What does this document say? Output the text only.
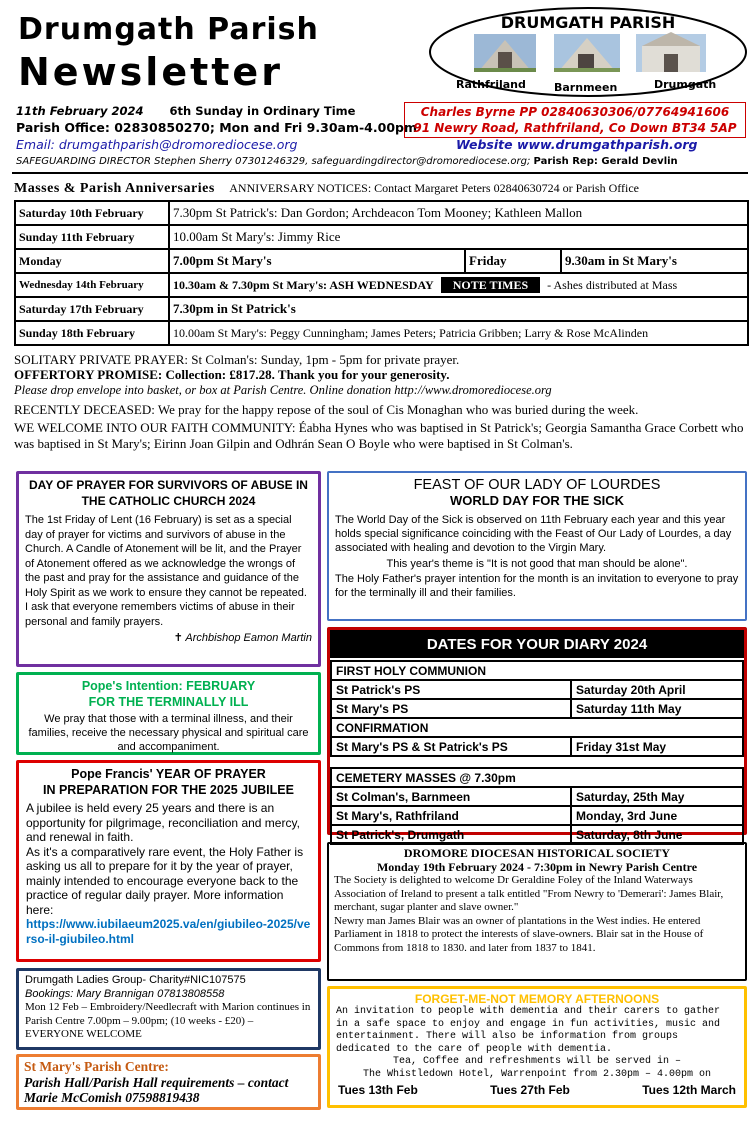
Drumgath Parish
Newsletter
DRUMGATH PARISH
Rathfriland	Barnmeen	Drumgath
11th February 2024 6th Sunday in Ordinary Time
Parish Office: 02830850270; Mon and Fri 9.30am-4.00pm
Email: drumgathparish@dromorediocese.org	Website www.drumgathparish.org
Charles Byrne PP 02840630306/07764941606
91 Newry Road, Rathfriland, Co Down BT34 5AP
SAFEGUARDING DIRECTOR Stephen Sherry 07301246329, safeguardingdirector@dromorediocese.org; Parish Rep: Gerald Devlin
Masses & Parish Anniversaries ANNIVERSARY NOTICES: Contact Margaret Peters 02840630724 or Parish Office
Saturday 10th February	7.30pm St Patrick's: Dan Gordon; Archdeacon Tom Mooney; Kathleen Mallon		
Sunday 11th February	10.00am St Mary's: Jimmy Rice		
Monday	7.00pm St Mary's	Friday	9.30am in St Mary's
Wednesday 14th February	10.30am & 7.30pm St Mary's: ASH WEDNESDAY NOTE TIMES - Ashes distributed at Mass		
Saturday 17th February	7.30pm in St Patrick's		
Sunday 18th February	10.00am St Mary's: Peggy Cunningham; James Peters; Patricia Gribben; Larry & Rose McAlinden		
SOLITARY PRIVATE PRAYER: St Colman's: Sunday, 1pm - 5pm for private prayer.
OFFERTORY PROMISE: Collection: £817.28. Thank you for your generosity.
Please drop envelope into basket, or box at Parish Centre. Online donation http://www.dromorediocese.org
RECENTLY DECEASED: We pray for the happy repose of the soul of Cis Monaghan who was buried during the week.
WE WELCOME INTO OUR FAITH COMMUNITY: Éabha Hynes who was baptised in St Patrick's; Georgia Samantha Grace Corbett who was baptised in St Mary's; Eirinn Joan Gilpin and Odhrán Sean O Boyle who were baptised in St Colman's.
DAY OF PRAYER FOR SURVIVORS OF ABUSE IN THE CATHOLIC CHURCH 2024
The 1st Friday of Lent (16 February) is set as a special day of prayer for victims and survivors of abuse in the Church. A Candle of Atonement will be lit, and the Prayer of Atonement offered as we acknowledge the wrongs of the past and pray for the assistance and guidance of the Holy Spirit as we work to ensure they cannot be repeated. I ask that everyone remembers victims of abuse in their personal and family prayers.
✝ Archbishop Eamon Martin
FEAST OF OUR LADY OF LOURDES
WORLD DAY FOR THE SICK
The World Day of the Sick is observed on 11th February each year and this year holds special significance coinciding with the Feast of Our Lady of Lourdes, a day associated with healing and devotion to the Virgin Mary.
This year's theme is "It is not good that man should be alone".
The Holy Father's prayer intention for the month is an invitation to everyone to pray for the terminally ill and their families.
Pope's Intention: FEBRUARY
FOR THE TERMINALLY ILL
We pray that those with a terminal illness, and their families, receive the necessary physical and spiritual care and accompaniment.
DATES FOR YOUR DIARY 2024
FIRST HOLY COMMUNION	
St Patrick's PS	Saturday 20th April
St Mary's PS	Saturday 11th May
CONFIRMATION	
St Mary's PS & St Patrick's PS	Friday 31st May

CEMETERY MASSES @ 7.30pm	
St Colman's, Barnmeen	Saturday, 25th May
St Mary's, Rathfriland	Monday, 3rd June
St Patrick's, Drumgath	Saturday, 8th June
Pope Francis' YEAR OF PRAYER
IN PREPARATION FOR THE 2025 JUBILEE
A jubilee is held every 25 years and there is an opportunity for pilgrimage, reconciliation and mercy, and renewal in faith.
As it's a comparatively rare event, the Holy Father is asking us all to prepare for it by the year of prayer, mainly intended to encourage everyone back to the practice of regular daily prayer. More information here:
https://www.iubilaeum2025.va/en/giubileo-2025/verso-il-giubileo.html
DROMORE DIOCESAN HISTORICAL SOCIETY
Monday 19th February 2024 - 7:30pm in Newry Parish Centre
The Society is delighted to welcome Dr Geraldine Foley of the Inland Waterways Association of Ireland to present a talk entitled "From Newry to 'Demerari': James Blair, merchant, sugar planter and slave owner."
Newry man James Blair was an owner of plantations in the West indies. He entered Parliament in 1818 to protect the interests of slave-owners. Blair sat in the House of Commons from 1818 to 1830. and later from 1837 to 1841.
Drumgath Ladies Group- Charity#NIC107575
Bookings: Mary Brannigan 07813808558
Mon 12 Feb – Embroidery/Needlecraft with Marion continues in Parish Centre 7.00pm – 9.00pm; (10 weeks - £20) – EVERYONE WELCOME
FORGET-ME-NOT MEMORY AFTERNOONS
An invitation to people with dementia and their carers to gather in a safe space to enjoy and engage in fun activities, music and entertainment. There will also be information from groups dedicated to the care of people with dementia.
Tea, Coffee and refreshments will be served in –
The Whistledown Hotel, Warrenpoint from 2.30pm – 4.00pm on
Tues 13th Feb	Tues 27th Feb	Tues 12th March
St Mary's Parish Centre:
Parish Hall/Parish Hall requirements – contact Marie McComish 07598819438
